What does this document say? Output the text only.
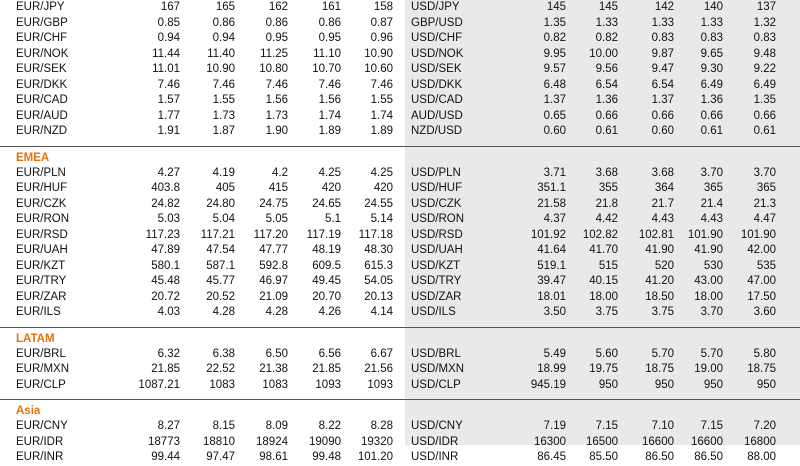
EUR/JPY	167	165	162	161	158 USD/JPY	145	145	142	140	137
EUR/GBP	0.85	0.86	0.86	0.86	0.87 GBP/USD	1.35	1.33	1.33	1.33	1.32
EUR/CHF	0.94	0.94	0.95	0.95	0.96 USD/CHF	0.82	0.82	0.83	0.83	0.83
EUR/NOK	11.44	11.40	11.25	11.10	10.90 USD/NOK	9.95	10.00	9.87	9.65	9.48
EUR/SEK	11.01	10.90	10.80	10.70	10.60 USD/SEK	9.57	9.56	9.47	9.30	9.22
EUR/DKK	7.46	7.46	7.46	7.46	7.46 USD/DKK	6.48	6.54	6.54	6.49	6.49
EUR/CAD	1.57	1.55	1.56	1.56	1.55 USD/CAD	1.37	1.36	1.37	1.36	1.35
EUR/AUD	1.77	1.73	1.73	1.74	1.74 AUD/USD	0.65	0.66	0.66	0.66	0.66
EUR/NZD	1.91	1.87	1.90	1.89	1.89 NZD/USD	0.60	0.61	0.60	0.61	0.61
EMEA
EUR/PLN	4.27	4.19	4.2	4.25	4.25 USD/PLN	3.71	3.68	3.68	3.70	3.70
EUR/HUF	403.8	405	415	420	420 USD/HUF	351.1	355	364	365	365
EUR/CZK	24.82	24.80	24.75	24.65	24.55 USD/CZK	21.58	21.8	21.7	21.4	21.3
EUR/RON	5.03	5.04	5.05	5.1	5.14 USD/RON	4.37	4.42	4.43	4.43	4.47
EUR/RSD	117.23	117.21	117.20	117.19	117.18 USD/RSD	101.92	102.82	102.81	101.90	101.90
EUR/UAH	47.89	47.54	47.77	48.19	48.30 USD/UAH	41.64	41.70	41.90	41.90	42.00
EUR/KZT	580.1	587.1	592.8	609.5	615.3 USD/KZT	519.1	515	520	530	535
EUR/TRY	45.48	45.77	46.97	49.45	54.05 USD/TRY	39.47	40.15	41.20	43.00	47.00
EUR/ZAR	20.72	20.52	21.09	20.70	20.13 USD/ZAR	18.01	18.00	18.50	18.00	17.50
EUR/ILS	4.03	4.28	4.28	4.26	4.14 USD/ILS	3.50	3.75	3.75	3.70	3.60
LATAM
EUR/BRL	6.32	6.38	6.50	6.56	6.67 USD/BRL	5.49	5.60	5.70	5.70	5.80
EUR/MXN	21.85	22.52	21.38	21.85	21.56 USD/MXN	18.99	19.75	18.75	19.00	18.75
EUR/CLP	1087.21	1083	1083	1093	1093 USD/CLP	945.19	950	950	950	950
Asia
EUR/CNY	8.27	8.15	8.09	8.22	8.28 USD/CNY	7.19	7.15	7.10	7.15	7.20
EUR/IDR	18773	18810	18924	19090	19320 USD/IDR	16300	16500	16600	16600	16800
EUR/INR	99.44	97.47	98.61	99.48	101.20 USD/INR	86.45	85.50	86.50	86.50	88.00
